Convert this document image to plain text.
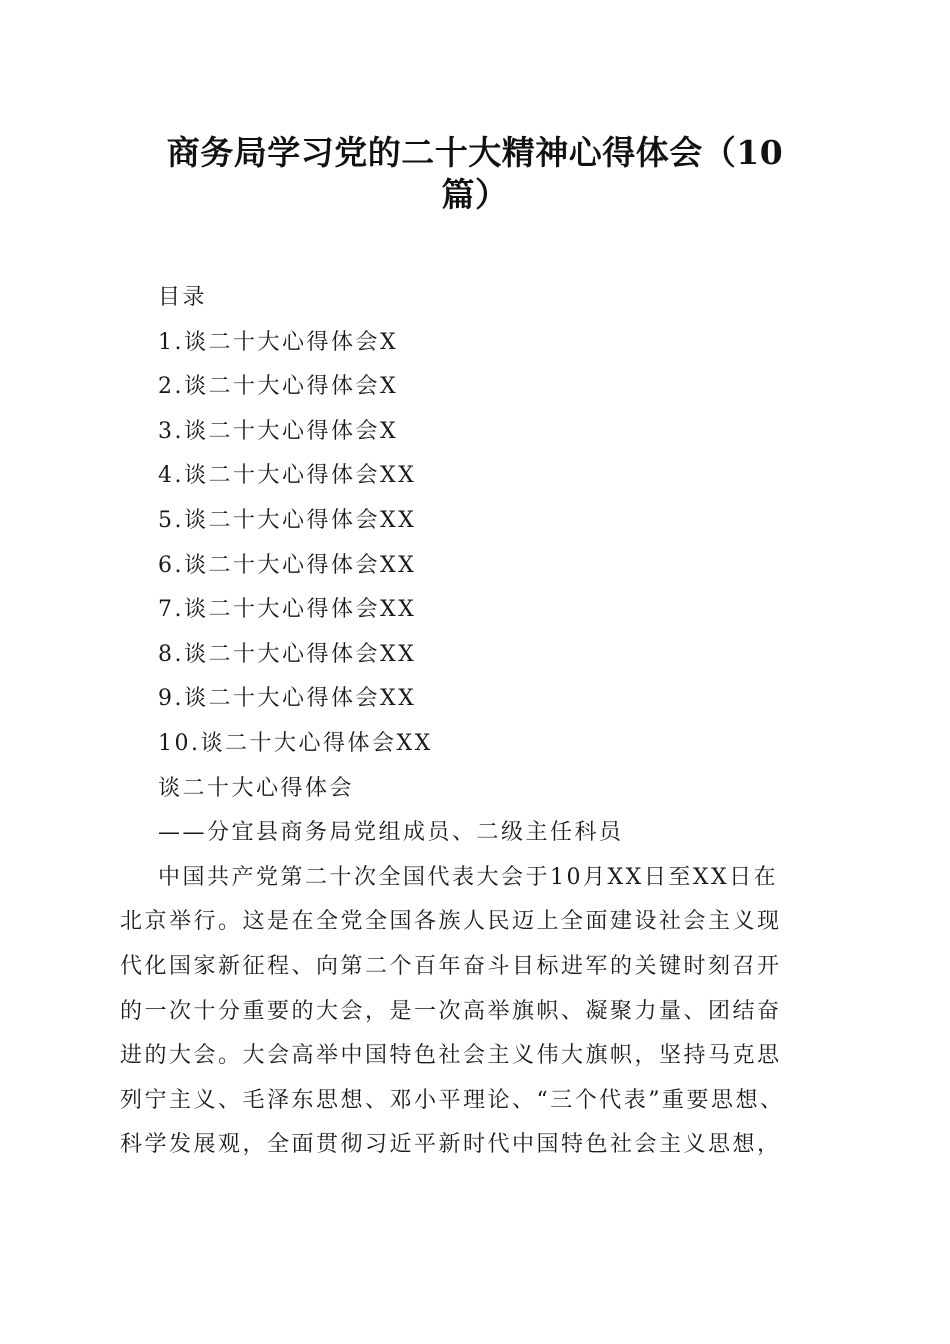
商务局学习党的二十大精神心得体会（10
篇）
目录
1.谈二十大心得体会X
2.谈二十大心得体会X
3.谈二十大心得体会X
4.谈二十大心得体会XX
5.谈二十大心得体会XX
6.谈二十大心得体会XX
7.谈二十大心得体会XX
8.谈二十大心得体会XX
9.谈二十大心得体会XX
10.谈二十大心得体会XX
谈二十大心得体会
——分宜县商务局党组成员、二级主任科员
中国共产党第二十次全国代表大会于10月XX日至XX日在
北京举行。这是在全党全国各族人民迈上全面建设社会主义现
代化国家新征程、向第二个百年奋斗目标进军的关键时刻召开
的一次十分重要的大会，是一次高举旗帜、凝聚力量、团结奋
进的大会。大会高举中国特色社会主义伟大旗帜，坚持马克思
列宁主义、毛泽东思想、邓小平理论、“三个代表”重要思想、
科学发展观，全面贯彻习近平新时代中国特色社会主义思想，
